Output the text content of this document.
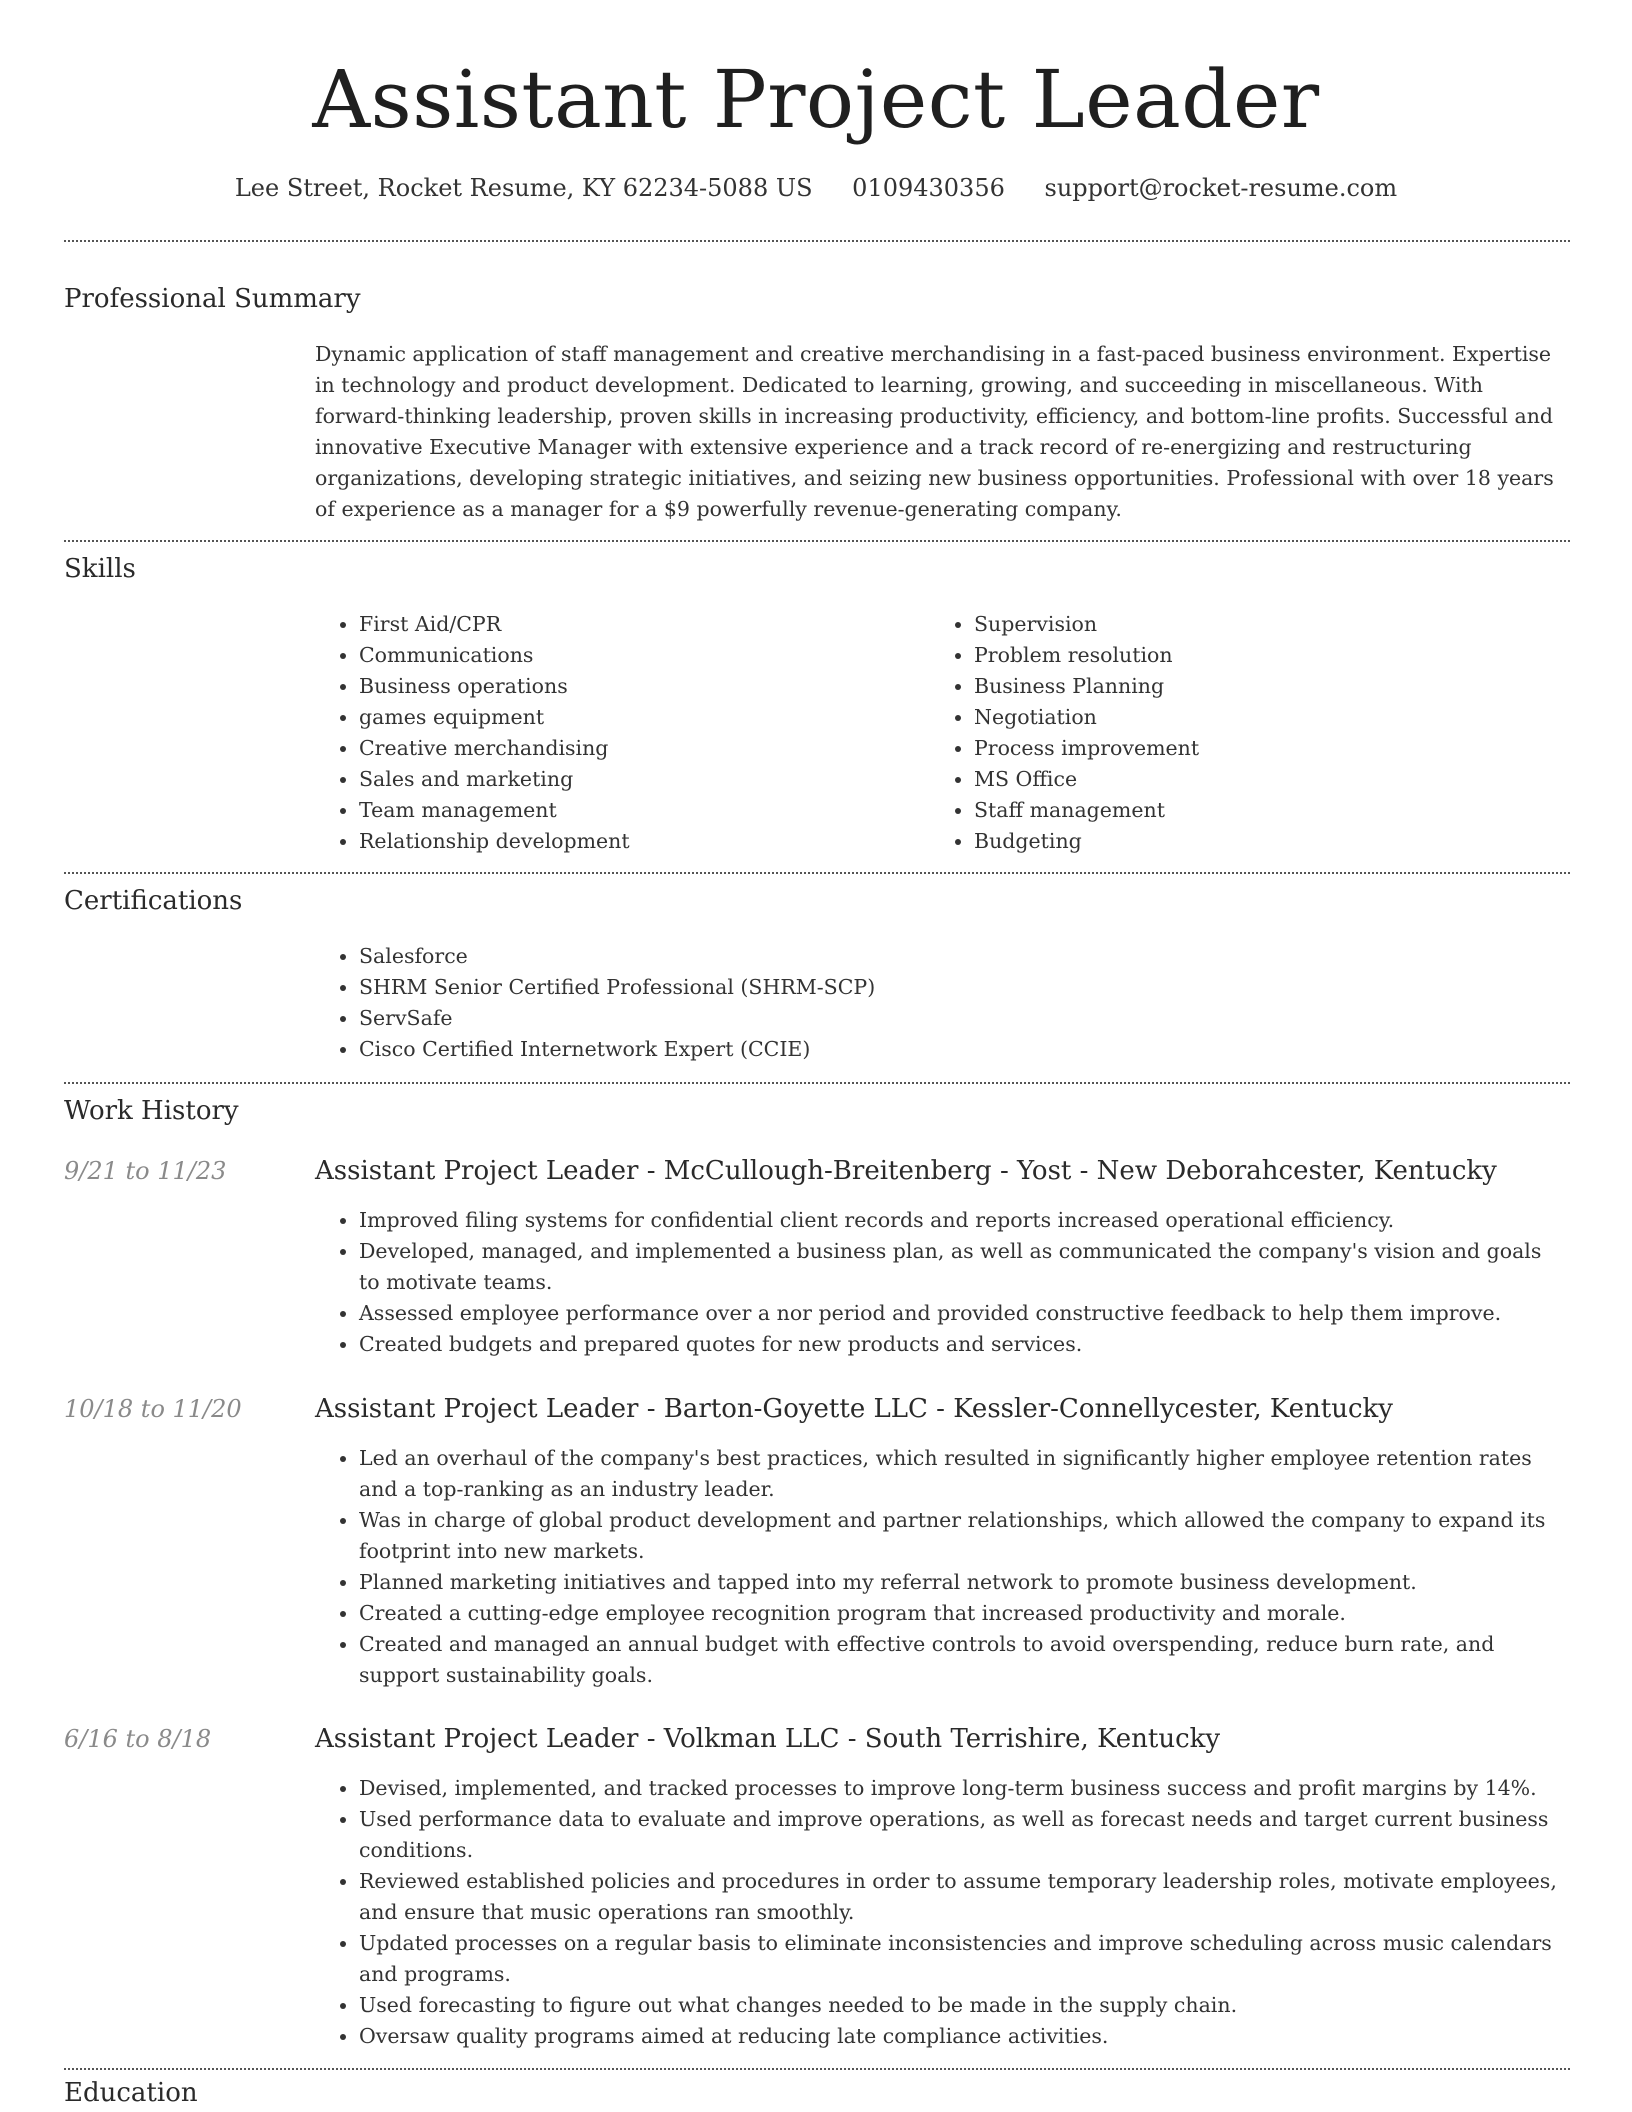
Assistant Project Leader
Lee Street, Rocket Resume, KY 62234-5088 US 0109430356 support@rocket-resume.com
Professional Summary
Dynamic application of staff management and creative merchandising in a fast-paced business environment. Expertise in technology and product development. Dedicated to learning, growing, and succeeding in miscellaneous. With forward-thinking leadership, proven skills in increasing productivity, efficiency, and bottom-line profits. Successful and innovative Executive Manager with extensive experience and a track record of re-energizing and restructuring organizations, developing strategic initiatives, and seizing new business opportunities. Professional with over 18 years of experience as a manager for a $9 powerfully revenue-generating company.
Skills
• First Aid/CPR
• Communications
• Business operations
• games equipment
• Creative merchandising
• Sales and marketing
• Team management
• Relationship development
• Supervision
• Problem resolution
• Business Planning
• Negotiation
• Process improvement
• MS Office
• Staff management
• Budgeting
Certifications
• Salesforce
• SHRM Senior Certified Professional (SHRM-SCP)
• ServSafe
• Cisco Certified Internetwork Expert (CCIE)
Work History
9/21 to 11/23	Assistant Project Leader - McCullough-Breitenberg - Yost - New Deborahcester, Kentucky
• Improved filing systems for confidential client records and reports increased operational efficiency.
• Developed, managed, and implemented a business plan, as well as communicated the company's vision and goals to motivate teams.
• Assessed employee performance over a nor period and provided constructive feedback to help them improve.
• Created budgets and prepared quotes for new products and services.
10/18 to 11/20	Assistant Project Leader - Barton-Goyette LLC - Kessler-Connellycester, Kentucky
• Led an overhaul of the company's best practices, which resulted in significantly higher employee retention rates and a top-ranking as an industry leader.
• Was in charge of global product development and partner relationships, which allowed the company to expand its footprint into new markets.
• Planned marketing initiatives and tapped into my referral network to promote business development.
• Created a cutting-edge employee recognition program that increased productivity and morale.
• Created and managed an annual budget with effective controls to avoid overspending, reduce burn rate, and support sustainability goals.
6/16 to 8/18	Assistant Project Leader - Volkman LLC - South Terrishire, Kentucky
• Devised, implemented, and tracked processes to improve long-term business success and profit margins by 14%.
• Used performance data to evaluate and improve operations, as well as forecast needs and target current business conditions.
• Reviewed established policies and procedures in order to assume temporary leadership roles, motivate employees, and ensure that music operations ran smoothly.
• Updated processes on a regular basis to eliminate inconsistencies and improve scheduling across music calendars and programs.
• Used forecasting to figure out what changes needed to be made in the supply chain.
• Oversaw quality programs aimed at reducing late compliance activities.
Education
